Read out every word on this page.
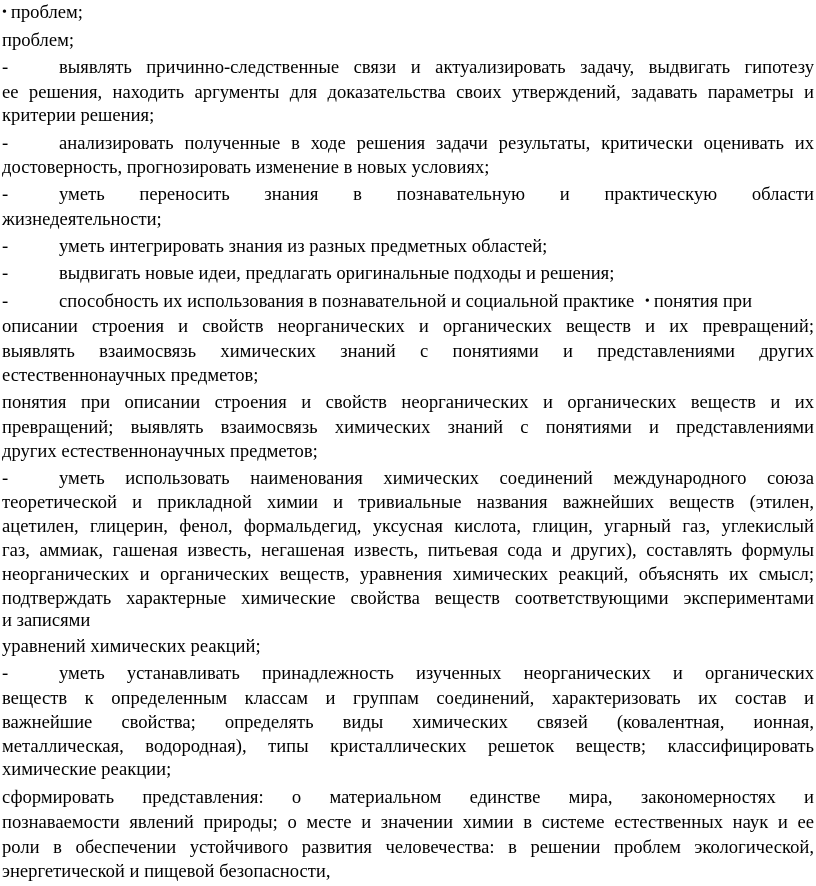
• проблем;
проблем;
-	выявлять причинно-следственные связи и актуализировать задачу, выдвигать гипотезу
ее решения, находить аргументы для доказательства своих утверждений, задавать параметры и
критерии решения;
-	анализировать полученные в ходе решения задачи результаты, критически оценивать их
достоверность, прогнозировать изменение в новых условиях;
-	уметь переносить знания в познавательную и практическую области
жизнедеятельности;
-	уметь интегрировать знания из разных предметных областей;
-	выдвигать новые идеи, предлагать оригинальные подходы и решения;
-	способность их использования в познавательной и социальной практике • понятия при
описании строения и свойств неорганических и органических веществ и их превращений;
выявлять взаимосвязь химических знаний с понятиями и представлениями других
естественнонаучных предметов;
понятия при описании строения и свойств неорганических и органических веществ и их
превращений; выявлять взаимосвязь химических знаний с понятиями и представлениями
других естественнонаучных предметов;
-	уметь использовать наименования химических соединений международного союза
теоретической и прикладной химии и тривиальные названия важнейших веществ (этилен,
ацетилен, глицерин, фенол, формальдегид, уксусная кислота, глицин, угарный газ, углекислый
газ, аммиак, гашеная известь, негашеная известь, питьевая сода и других), составлять формулы
неорганических и органических веществ, уравнения химических реакций, объяснять их смысл;
подтверждать характерные химические свойства веществ соответствующими экспериментами
и записями
уравнений химических реакций;
-	уметь устанавливать принадлежность изученных неорганических и органических
веществ к определенным классам и группам соединений, характеризовать их состав и
важнейшие свойства; определять виды химических связей (ковалентная, ионная,
металлическая, водородная), типы кристаллических решеток веществ; классифицировать
химические реакции;
сформировать представления: о материальном единстве мира, закономерностях и
познаваемости явлений природы; о месте и значении химии в системе естественных наук и ее
роли в обеспечении устойчивого развития человечества: в решении проблем экологической,
энергетической и пищевой безопасности,
